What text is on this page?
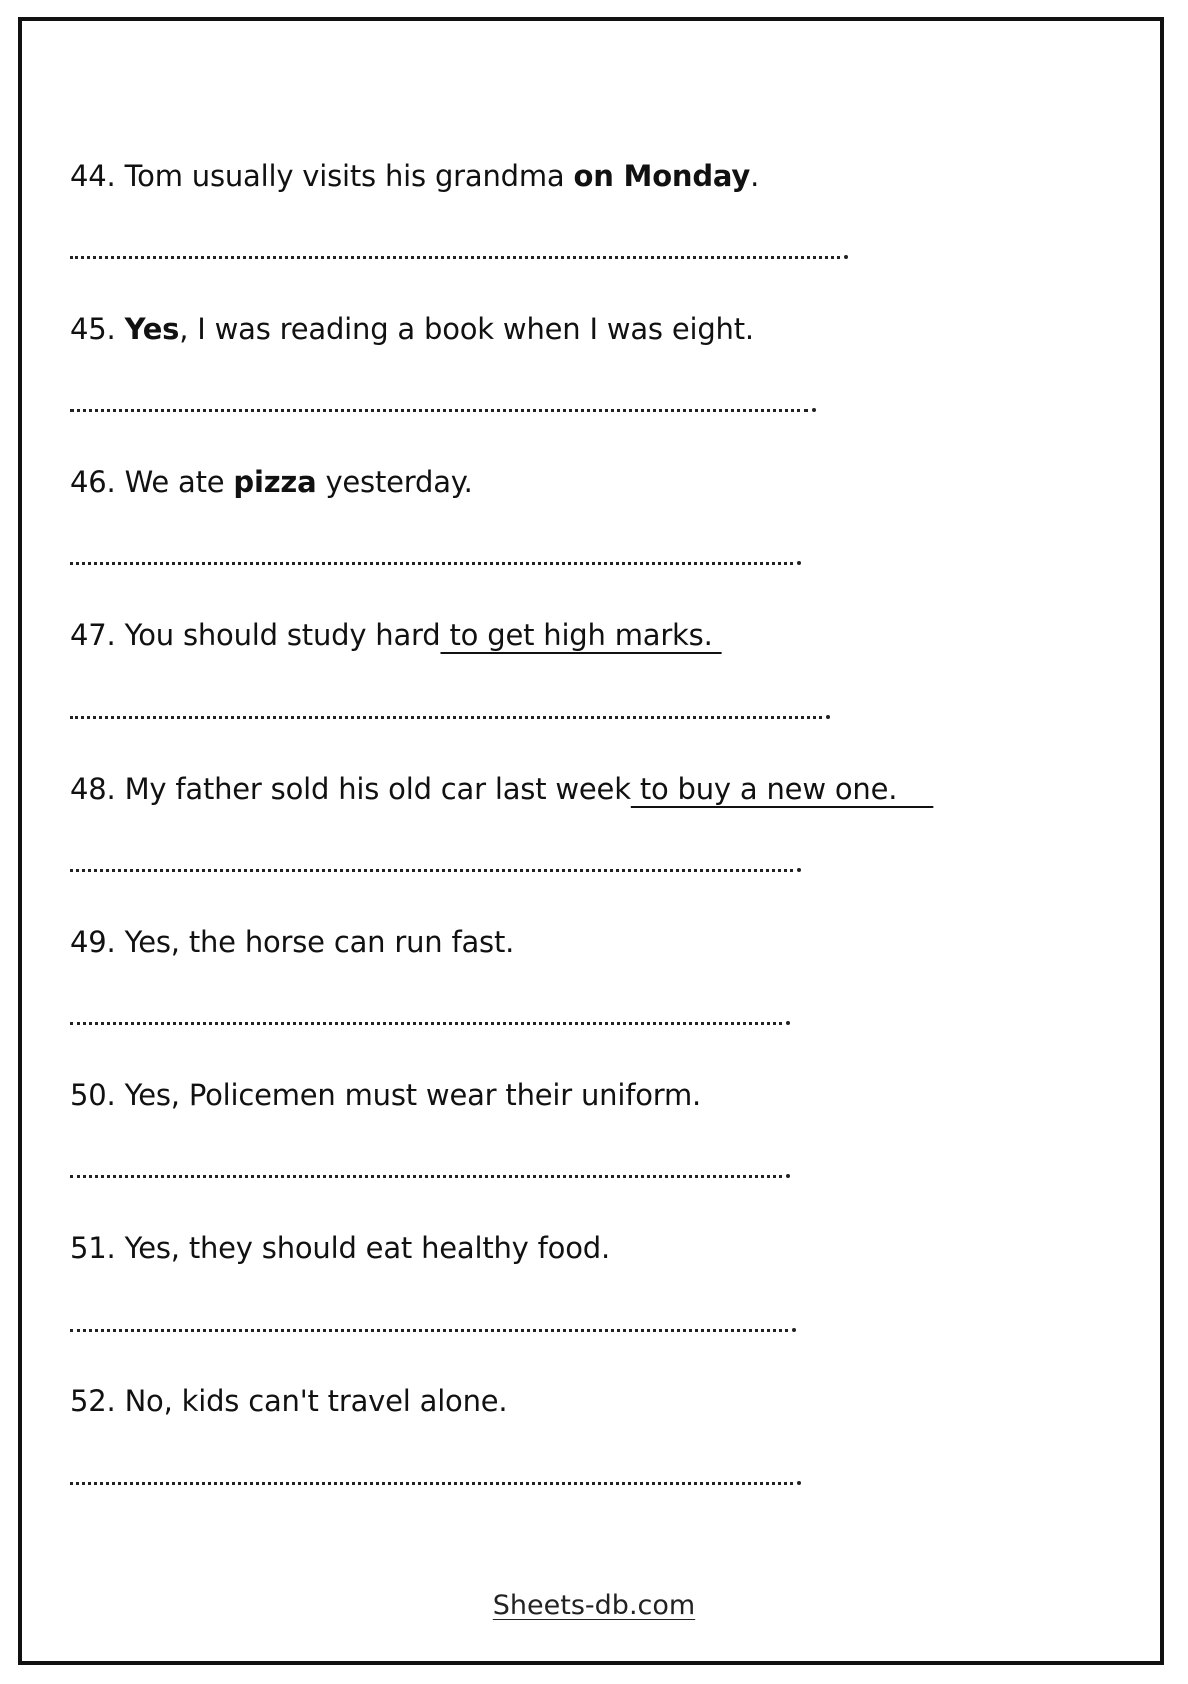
44. Tom usually visits his grandma on Monday.
45. Yes, I was reading a book when I was eight.
46. We ate pizza yesterday.
47. You should study hard to get high marks.
48. My father sold his old car last week to buy a new one.
49. Yes, the horse can run fast.
50. Yes, Policemen must wear their uniform.
51. Yes, they should eat healthy food.
52. No, kids can't travel alone.
Sheets-db.com
